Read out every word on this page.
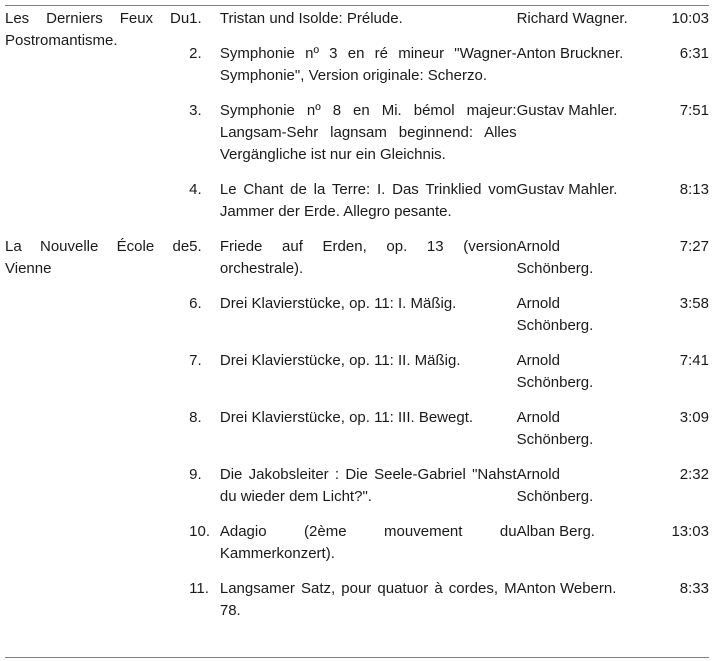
Les Derniers Feux Du Postromantisme.	1.	Tristan und Isolde: Prélude.	Richard Wagner.	10:03
	2.	Symphonie nº 3 en ré mineur "Wagner-Symphonie", Version originale: Scherzo.	Anton Bruckner.	6:31
	3.	Symphonie nº 8 en Mi. bémol majeur: Langsam-Sehr lagnsam beginnend: Alles Vergängliche ist nur ein Gleichnis.	Gustav Mahler.	7:51
	4.	Le Chant de la Terre: I. Das Trinklied vom Jammer der Erde. Allegro pesante.	Gustav Mahler.	8:13

La Nouvelle École de Vienne	5.	Friede auf Erden, op. 13 (version orchestrale).	Arnold Schönberg.	7:27
	6.	Drei Klavierstücke, op. 11: I. Mäßig.	Arnold Schönberg.	3:58
	7.	Drei Klavierstücke, op. 11: II. Mäßig.	Arnold Schönberg.	7:41
	8.	Drei Klavierstücke, op. 11: III. Bewegt.	Arnold Schönberg.	3:09
	9.	Die Jakobsleiter : Die Seele-Gabriel "Nahst du wieder dem Licht?".	Arnold Schönberg.	2:32
	10.	Adagio (2ème mouvement du Kammerkonzert).	Alban Berg.	13:03
	11.	Langsamer Satz, pour quatuor à cordes, M 78.	Anton Webern.	8:33
